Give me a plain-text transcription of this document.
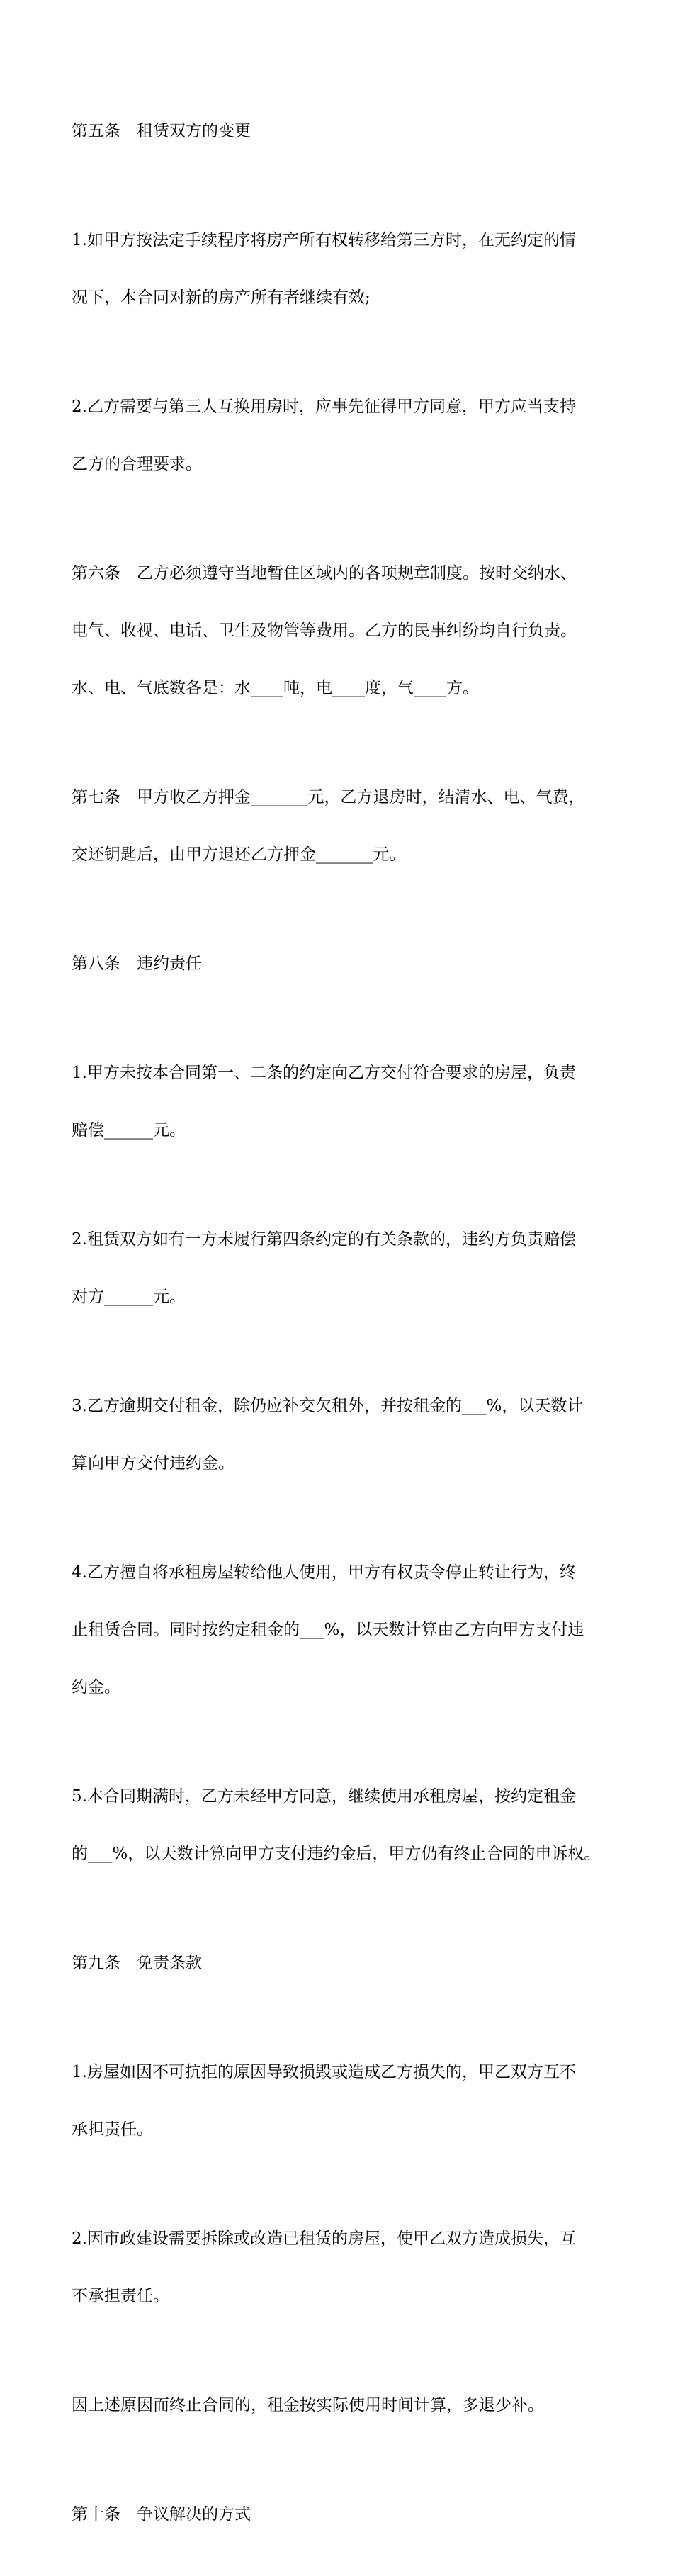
第五条　租赁双方的变更

1.如甲方按法定手续程序将房产所有权转移给第三方时，在无约定的情

况下，本合同对新的房产所有者继续有效;

2.乙方需要与第三人互换用房时，应事先征得甲方同意，甲方应当支持

乙方的合理要求。

第六条　乙方必须遵守当地暂住区域内的各项规章制度。按时交纳水、

电气、收视、电话、卫生及物管等费用。乙方的民事纠纷均自行负责。

水、电、气底数各是：水____吨，电____度，气____方。

第七条　甲方收乙方押金_______元，乙方退房时，结清水、电、气费，

交还钥匙后，由甲方退还乙方押金_______元。

第八条　违约责任

1.甲方未按本合同第一、二条的约定向乙方交付符合要求的房屋，负责

赔偿______元。

2.租赁双方如有一方未履行第四条约定的有关条款的，违约方负责赔偿

对方______元。

3.乙方逾期交付租金，除仍应补交欠租外，并按租金的___%，以天数计

算向甲方交付违约金。

4.乙方擅自将承租房屋转给他人使用，甲方有权责令停止转让行为，终

止租赁合同。同时按约定租金的___%，以天数计算由乙方向甲方支付违

约金。

5.本合同期满时，乙方未经甲方同意，继续使用承租房屋，按约定租金

的___%，以天数计算向甲方支付违约金后，甲方仍有终止合同的申诉权。

第九条　免责条款

1.房屋如因不可抗拒的原因导致损毁或造成乙方损失的，甲乙双方互不

承担责任。

2.因市政建设需要拆除或改造已租赁的房屋，使甲乙双方造成损失，互

不承担责任。

因上述原因而终止合同的，租金按实际使用时间计算，多退少补。

第十条　争议解决的方式
